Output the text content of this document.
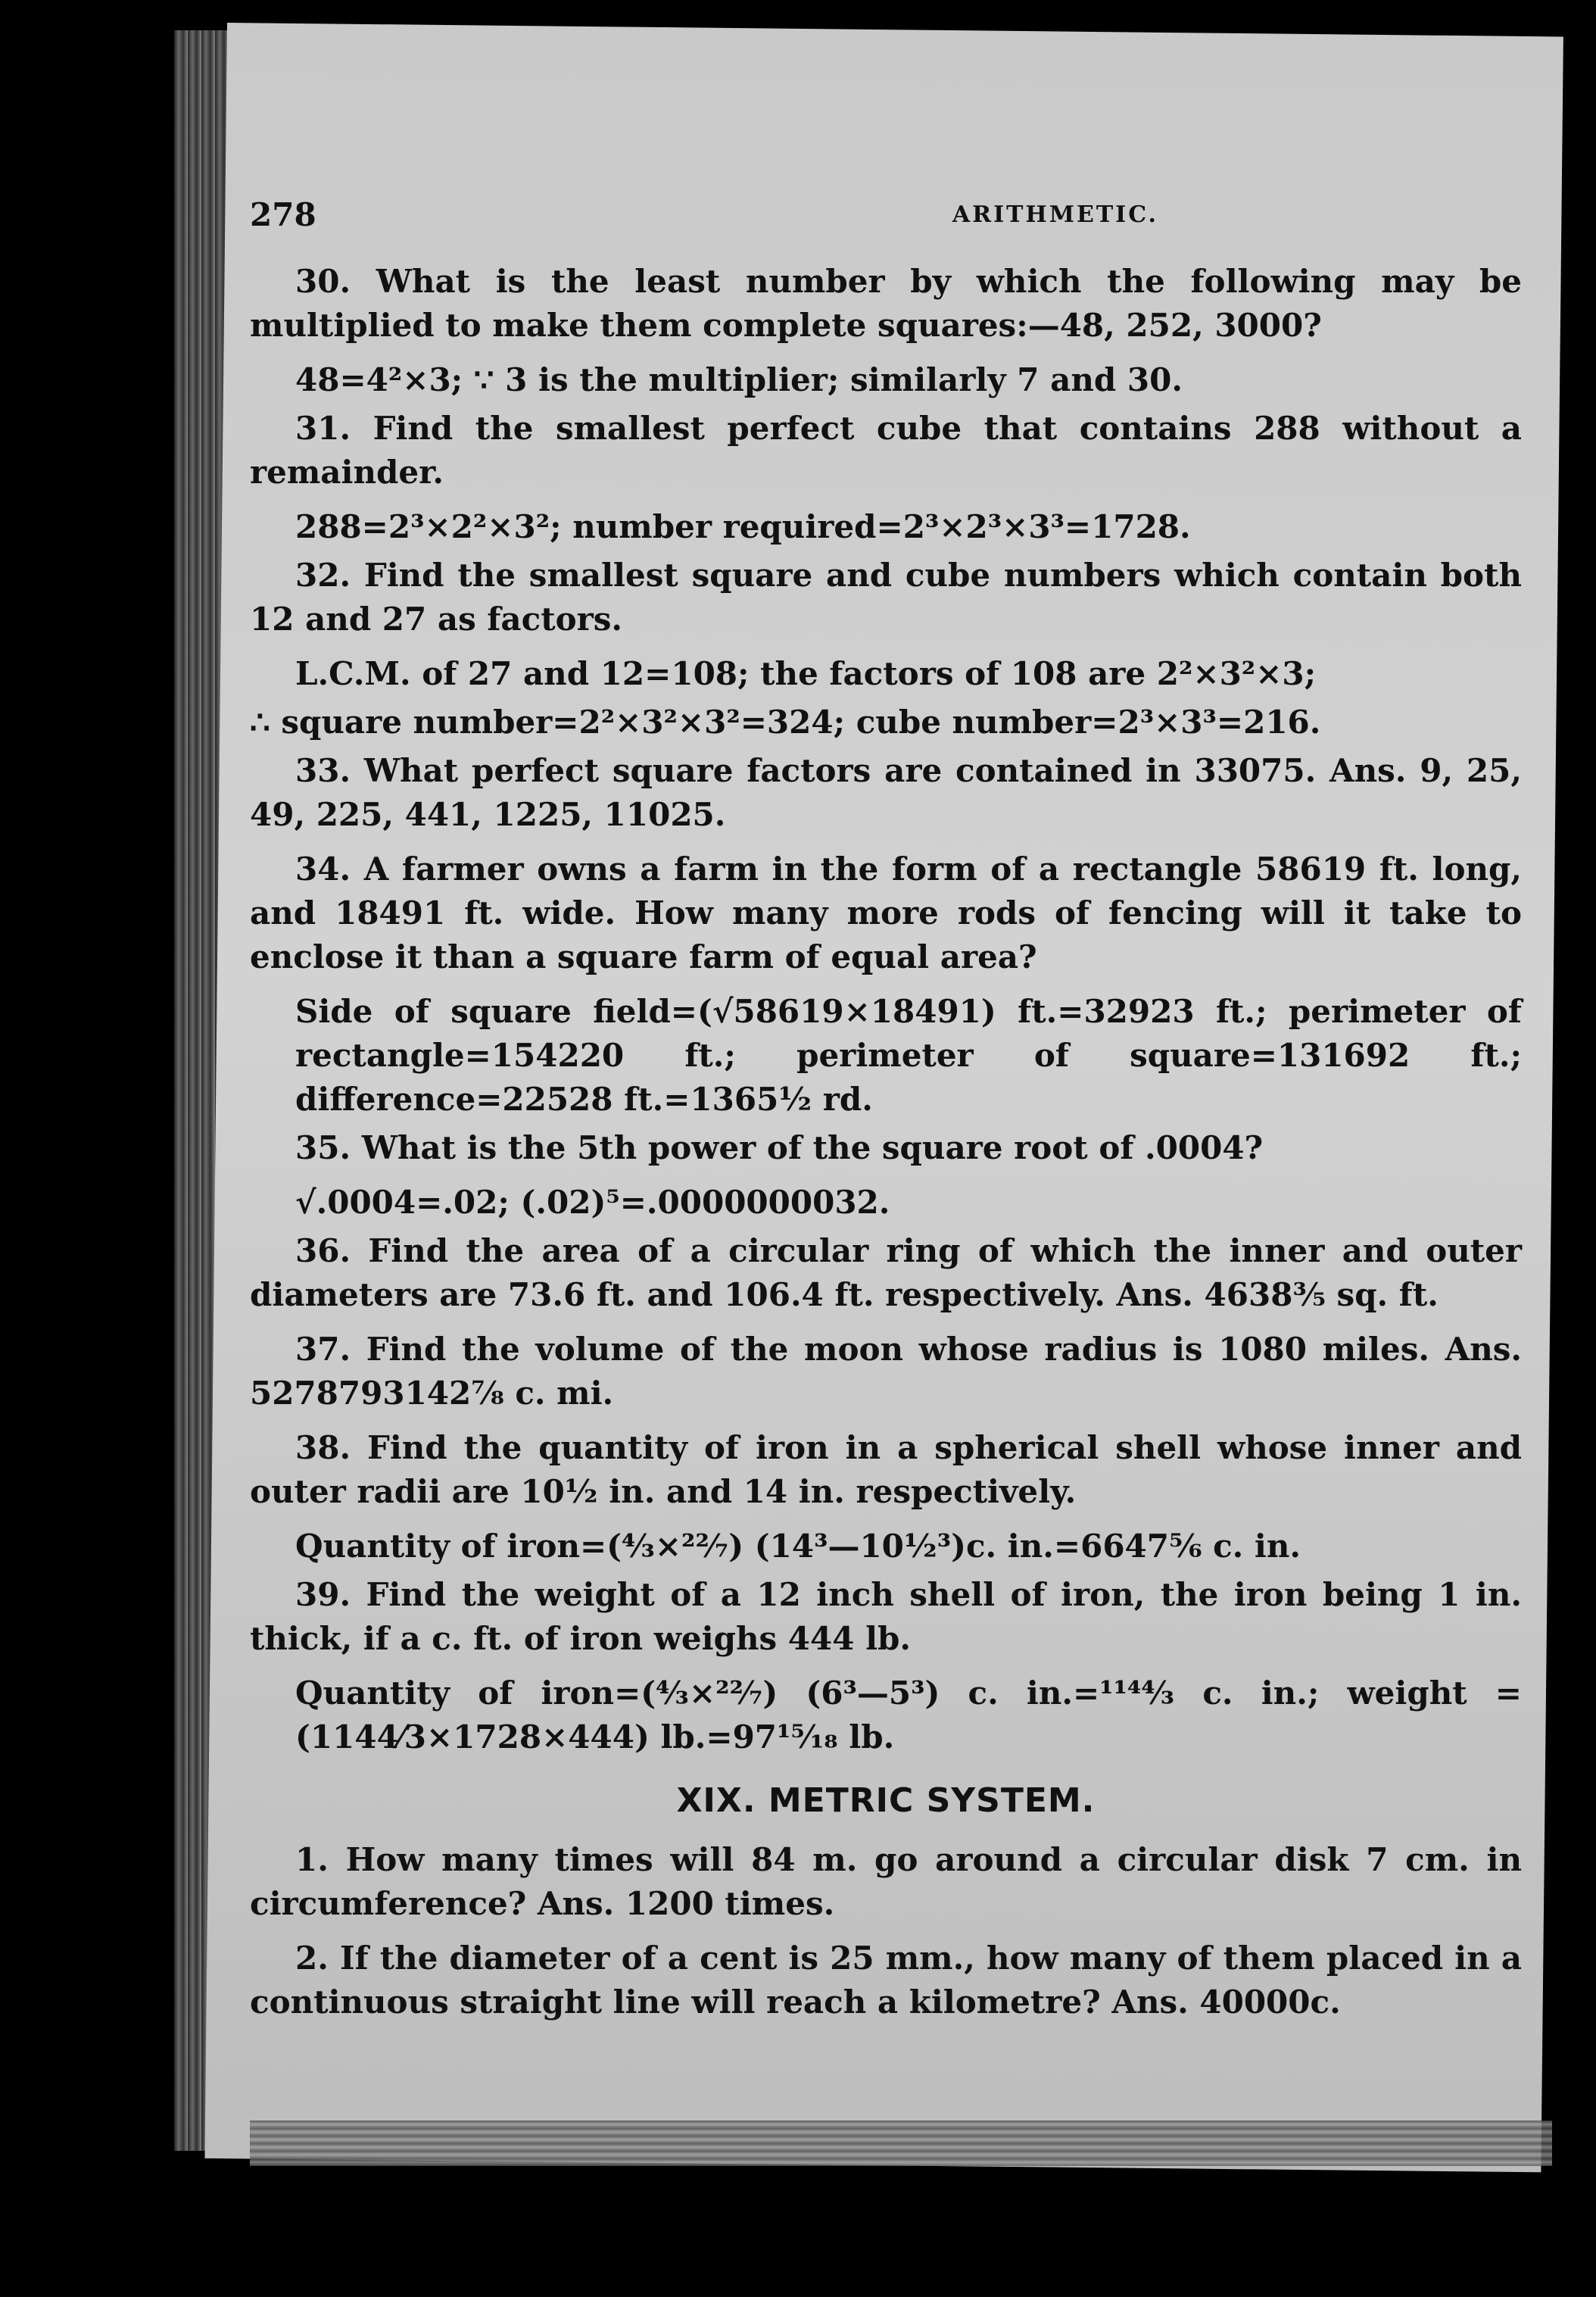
278	ARITHMETIC.

30. What is the least number by which the following may be multiplied to make them complete squares:—48, 252, 3000?

48=4²×3; ∵ 3 is the multiplier; similarly 7 and 30.

31. Find the smallest perfect cube that contains 288 without a remainder.

288=2³×2²×3²; number required=2³×2³×3³=1728.

32. Find the smallest square and cube numbers which contain both 12 and 27 as factors.

L.C.M. of 27 and 12=108; the factors of 108 are 2²×3²×3;

∴ square number=2²×3²×3²=324; cube number=2³×3³=216.

33. What perfect square factors are contained in 33075. Ans. 9, 25, 49, 225, 441, 1225, 11025.

34. A farmer owns a farm in the form of a rectangle 58619 ft. long, and 18491 ft. wide. How many more rods of fencing will it take to enclose it than a square farm of equal area?

Side of square field=(√58619×18491) ft.=32923 ft.; perimeter of rectangle=154220 ft.; perimeter of square=131692 ft.; difference=22528 ft.=1365½ rd.

35. What is the 5th power of the square root of .0004?

√.0004=.02; (.02)⁵=.0000000032.

36. Find the area of a circular ring of which the inner and outer diameters are 73.6 ft. and 106.4 ft. respectively. Ans. 4638⅗ sq. ft.

37. Find the volume of the moon whose radius is 1080 miles. Ans. 5278793142⅞ c. mi.

38. Find the quantity of iron in a spherical shell whose inner and outer radii are 10½ in. and 14 in. respectively.

Quantity of iron=(⁴⁄₃×²²⁄₇) (14³—10½³)c. in.=6647⅚ c. in.

39. Find the weight of a 12 inch shell of iron, the iron being 1 in. thick, if a c. ft. of iron weighs 444 lb.

Quantity of iron=(⁴⁄₃×²²⁄₇) (6³—5³) c. in.=¹¹⁴⁴⁄₃ c. in.; weight =(1144⁄3×1728×444) lb.=97¹⁵⁄₁₈ lb.

XIX. METRIC SYSTEM.

1. How many times will 84 m. go around a circular disk 7 cm. in circumference? Ans. 1200 times.

2. If the diameter of a cent is 25 mm., how many of them placed in a continuous straight line will reach a kilometre? Ans. 40000c.
